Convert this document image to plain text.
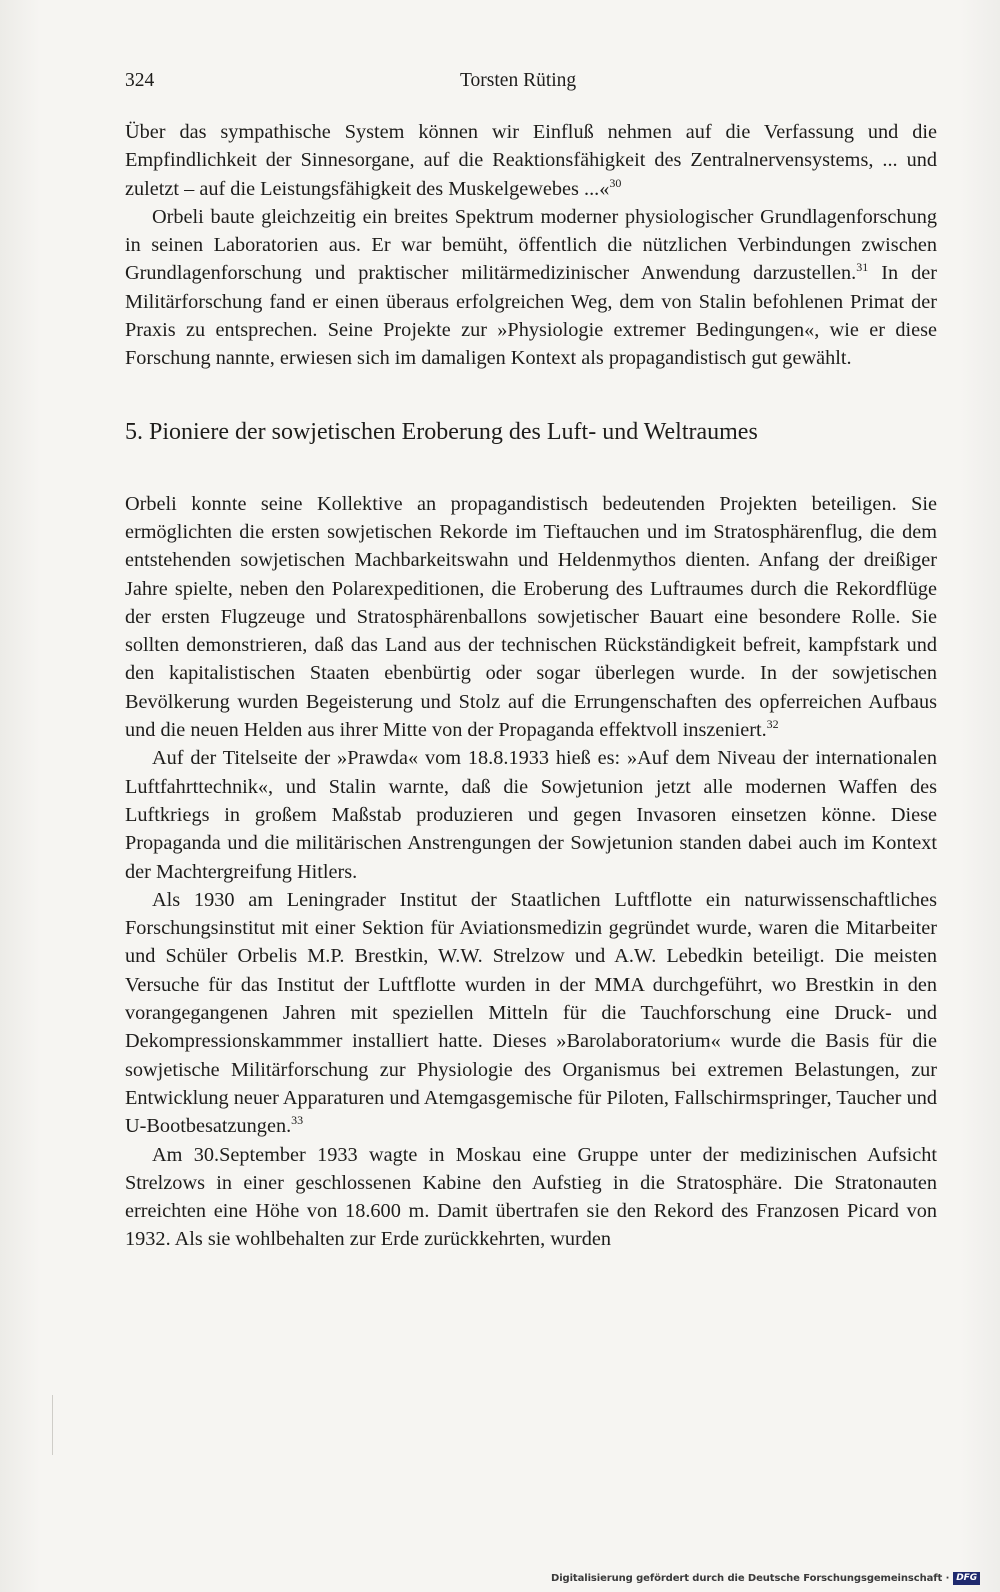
324	Torsten Rüting

Über das sympathische System können wir Einfluß nehmen auf die Verfassung und die Empfindlichkeit der Sinnesorgane, auf die Reaktionsfähigkeit des Zentralnervensystems, ... und zuletzt – auf die Leistungsfähigkeit des Muskelgewebes ...«$^{30}$

Orbeli baute gleichzeitig ein breites Spektrum moderner physiologischer Grundlagenforschung in seinen Laboratorien aus. Er war bemüht, öffentlich die nützlichen Verbindungen zwischen Grundlagenforschung und praktischer militärmedizinischer Anwendung darzustellen.$^{31}$ In der Militärforschung fand er einen überaus erfolgreichen Weg, dem von Stalin befohlenen Primat der Praxis zu entsprechen. Seine Projekte zur »Physiologie extremer Bedingungen«, wie er diese Forschung nannte, erwiesen sich im damaligen Kontext als propagandistisch gut gewählt.

5. Pioniere der sowjetischen Eroberung des Luft- und Weltraumes

Orbeli konnte seine Kollektive an propagandistisch bedeutenden Projekten beteiligen. Sie ermöglichten die ersten sowjetischen Rekorde im Tieftauchen und im Stratosphärenflug, die dem entstehenden sowjetischen Machbarkeitswahn und Heldenmythos dienten. Anfang der dreißiger Jahre spielte, neben den Polarexpeditionen, die Eroberung des Luftraumes durch die Rekordflüge der ersten Flugzeuge und Stratosphärenballons sowjetischer Bauart eine besondere Rolle. Sie sollten demonstrieren, daß das Land aus der technischen Rückständigkeit befreit, kampfstark und den kapitalistischen Staaten ebenbürtig oder sogar überlegen wurde. In der sowjetischen Bevölkerung wurden Begeisterung und Stolz auf die Errungenschaften des opferreichen Aufbaus und die neuen Helden aus ihrer Mitte von der Propaganda effektvoll inszeniert.$^{32}$

Auf der Titelseite der »Prawda« vom 18.8.1933 hieß es: »Auf dem Niveau der internationalen Luftfahrttechnik«, und Stalin warnte, daß die Sowjetunion jetzt alle modernen Waffen des Luftkriegs in großem Maßstab produzieren und gegen Invasoren einsetzen könne. Diese Propaganda und die militärischen Anstrengungen der Sowjetunion standen dabei auch im Kontext der Machtergreifung Hitlers.

Als 1930 am Leningrader Institut der Staatlichen Luftflotte ein naturwissenschaftliches Forschungsinstitut mit einer Sektion für Aviationsmedizin gegründet wurde, waren die Mitarbeiter und Schüler Orbelis M.P. Brestkin, W.W. Strelzow und A.W. Lebedkin beteiligt. Die meisten Versuche für das Institut der Luftflotte wurden in der MMA durchgeführt, wo Brestkin in den vorangegangenen Jahren mit speziellen Mitteln für die Tauchforschung eine Druck- und Dekompressionskammmer installiert hatte. Dieses »Barolaboratorium« wurde die Basis für die sowjetische Militärforschung zur Physiologie des Organismus bei extremen Belastungen, zur Entwicklung neuer Apparaturen und Atemgasgemische für Piloten, Fallschirmspringer, Taucher und U-Bootbesatzungen.$^{33}$

Am 30.September 1933 wagte in Moskau eine Gruppe unter der medizinischen Aufsicht Strelzows in einer geschlossenen Kabine den Aufstieg in die Stratosphäre. Die Stratonauten erreichten eine Höhe von 18.600 m. Damit übertrafen sie den Rekord des Franzosen Picard von 1932. Als sie wohlbehalten zur Erde zurückkehrten, wurden

Digitalisierung gefördert durch die Deutsche Forschungsgemeinschaft · DFG
